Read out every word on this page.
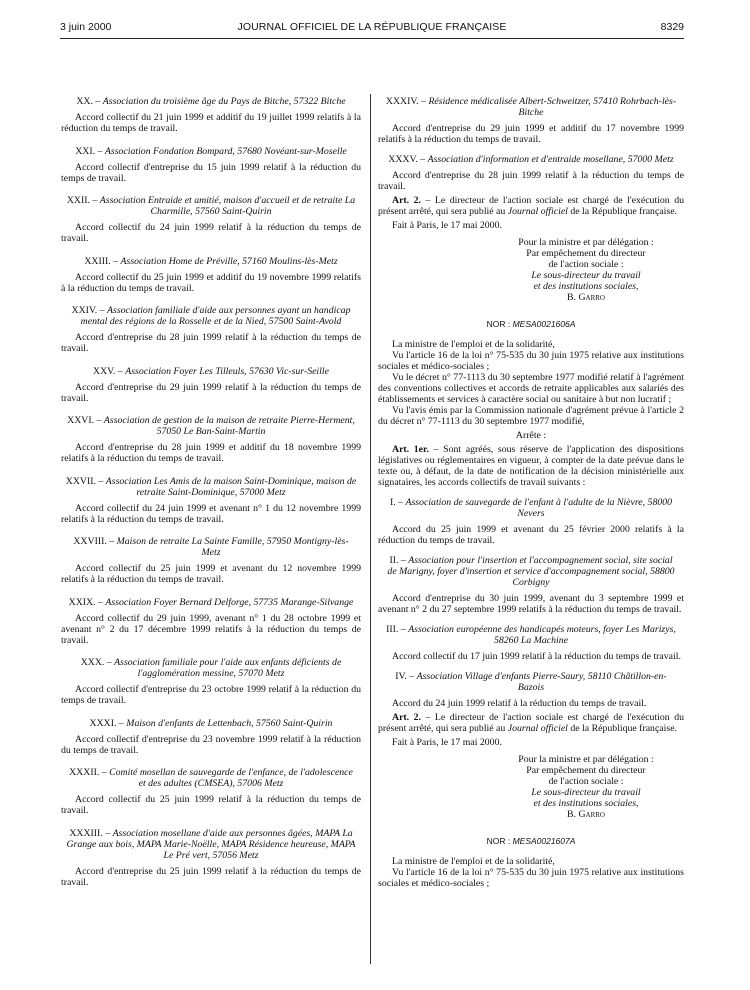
3 juin 2000	JOURNAL OFFICIEL DE LA RÉPUBLIQUE FRANÇAISE	8329

XX. – Association du troisième âge du Pays de Bitche, 57322 Bitche

Accord collectif du 21 juin 1999 et additif du 19 juillet 1999 relatifs à la réduction du temps de travail.

XXI. – Association Fondation Bompard, 57680 Novéant-sur-Moselle

Accord collectif d'entreprise du 15 juin 1999 relatif à la réduction du temps de travail.

XXII. – Association Entraide et amitié, maison d'accueil et de retraite La Charmille, 57560 Saint-Quirin

Accord collectif du 24 juin 1999 relatif à la réduction du temps de travail.

XXIII. – Association Home de Préville, 57160 Moulins-lès-Metz

Accord collectif du 25 juin 1999 et additif du 19 novembre 1999 relatifs à la réduction du temps de travail.

XXIV. – Association familiale d'aide aux personnes ayant un handicap mental des régions de la Rosselle et de la Nied, 57500 Saint-Avold

Accord d'entreprise du 28 juin 1999 relatif à la réduction du temps de travail.

XXV. – Association Foyer Les Tilleuls, 57630 Vic-sur-Seille

Accord d'entreprise du 29 juin 1999 relatif à la réduction du temps de travail.

XXVI. – Association de gestion de la maison de retraite Pierre-Herment, 57050 Le Ban-Saint-Martin

Accord d'entreprise du 28 juin 1999 et additif du 18 novembre 1999 relatifs à la réduction du temps de travail.

XXVII. – Association Les Amis de la maison Saint-Dominique, maison de retraite Saint-Dominique, 57000 Metz

Accord collectif du 24 juin 1999 et avenant n° 1 du 12 novembre 1999 relatifs à la réduction du temps de travail.

XXVIII. – Maison de retraite La Sainte Famille, 57950 Montigny-lès-Metz

Accord collectif du 25 juin 1999 et avenant du 12 novembre 1999 relatifs à la réduction du temps de travail.

XXIX. – Association Foyer Bernard Delforge, 57735 Marange-Silvange

Accord collectif du 29 juin 1999, avenant n° 1 du 28 octobre 1999 et avenant n° 2 du 17 décembre 1999 relatifs à la réduction du temps de travail.

XXX. – Association familiale pour l'aide aux enfants déficients de l'agglomération messine, 57070 Metz

Accord collectif d'entreprise du 23 octobre 1999 relatif à la réduction du temps de travail.

XXXI. – Maison d'enfants de Lettenbach, 57560 Saint-Quirin

Accord collectif d'entreprise du 23 novembre 1999 relatif à la réduction du temps de travail.

XXXII. – Comité mosellan de sauvegarde de l'enfance, de l'adolescence et des adultes (CMSEA), 57006 Metz

Accord collectif du 25 juin 1999 relatif à la réduction du temps de travail.

XXXIII. – Association mosellane d'aide aux personnes âgées, MAPA La Grange aux bois, MAPA Marie-Noëlle, MAPA Résidence heureuse, MAPA Le Pré vert, 57056 Metz

Accord d'entreprise du 25 juin 1999 relatif à la réduction du temps de travail.

XXXIV. – Résidence médicalisée Albert-Schweitzer, 57410 Rohrbach-lès-Bitche

Accord d'entreprise du 29 juin 1999 et additif du 17 novembre 1999 relatifs à la réduction du temps de travail.

XXXV. – Association d'information et d'entraide mosellane, 57000 Metz

Accord d'entreprise du 28 juin 1999 relatif à la réduction du temps de travail.

Art. 2. – Le directeur de l'action sociale est chargé de l'exécution du présent arrêté, qui sera publié au Journal officiel de la République française.

Fait à Paris, le 17 mai 2000.

Pour la ministre et par délégation :
Par empêchement du directeur
de l'action sociale :
Le sous-directeur du travail
et des institutions sociales,
B. Garro
NOR : MESA0021606A

La ministre de l'emploi et de la solidarité,

Vu l'article 16 de la loi n° 75-535 du 30 juin 1975 relative aux institutions sociales et médico-sociales ;

Vu le décret n° 77-1113 du 30 septembre 1977 modifié relatif à l'agrément des conventions collectives et accords de retraite applicables aux salariés des établissements et services à caractère social ou sanitaire à but non lucratif ;

Vu l'avis émis par la Commission nationale d'agrément prévue à l'article 2 du décret n° 77-1113 du 30 septembre 1977 modifié,

Arrête :

Art. 1er. – Sont agréés, sous réserve de l'application des dispositions législatives ou réglementaires en vigueur, à compter de la date prévue dans le texte ou, à défaut, de la date de notification de la décision ministérielle aux signataires, les accords collectifs de travail suivants :

I. – Association de sauvegarde de l'enfant à l'adulte de la Nièvre, 58000 Nevers

Accord du 25 juin 1999 et avenant du 25 février 2000 relatifs à la réduction du temps de travail.

II. – Association pour l'insertion et l'accompagnement social, site social de Marigny, foyer d'insertion et service d'accompagnement social, 58800 Corbigny

Accord d'entreprise du 30 juin 1999, avenant du 3 septembre 1999 et avenant n° 2 du 27 septembre 1999 relatifs à la réduction du temps de travail.

III. – Association européenne des handicapés moteurs, foyer Les Marizys, 58260 La Machine

Accord collectif du 17 juin 1999 relatif à la réduction du temps de travail.

IV. – Association Village d'enfants Pierre-Saury, 58110 Châtillon-en-Bazois

Accord du 24 juin 1999 relatif à la réduction du temps de travail.

Art. 2. – Le directeur de l'action sociale est chargé de l'exécution du présent arrêté, qui sera publié au Journal officiel de la République française.

Fait à Paris, le 17 mai 2000.

Pour la ministre et par délégation :
Par empêchement du directeur
de l'action sociale :
Le sous-directeur du travail
et des institutions sociales,
B. Garro
NOR : MESA0021607A

La ministre de l'emploi et de la solidarité,

Vu l'article 16 de la loi n° 75-535 du 30 juin 1975 relative aux institutions sociales et médico-sociales ;
